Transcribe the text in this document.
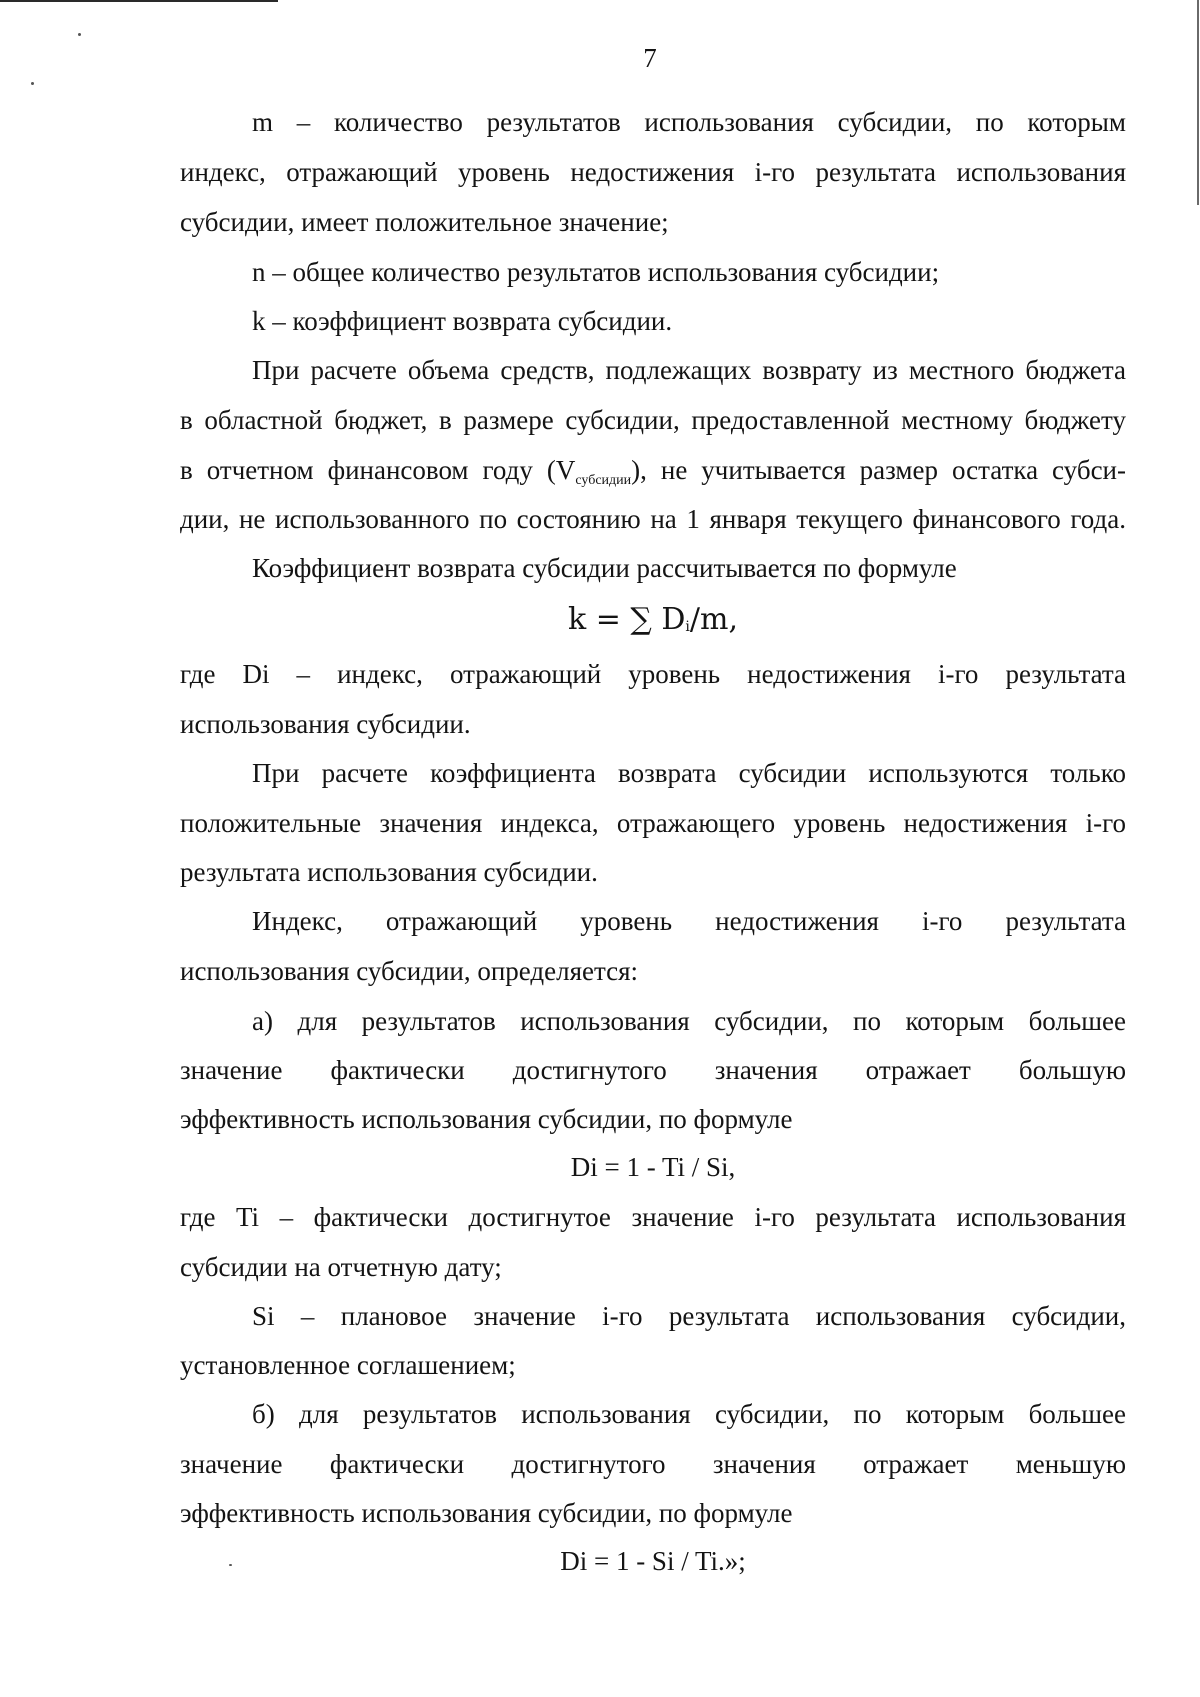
7
m – количество результатов использования субсидии, по которым
индекс, отражающий уровень недостижения i-го результата использования
субсидии, имеет положительное значение;
n – общее количество результатов использования субсидии;
k – коэффициент возврата субсидии.
При расчете объема средств, подлежащих возврату из местного бюджета
в областной бюджет, в размере субсидии, предоставленной местному бюджету
в отчетном финансовом году $(V_{субсидии})$, не учитывается размер остатка субси-
дии, не использованного по состоянию на 1 января текущего финансового года.
Коэффициент возврата субсидии рассчитывается по формуле
k = ∑ Di/m,
где Di – индекс, отражающий уровень недостижения i-го результата
использования субсидии.
При расчете коэффициента возврата субсидии используются только
положительные значения индекса, отражающего уровень недостижения i-го
результата использования субсидии.
Индекс, отражающий уровень недостижения i-го результата
использования субсидии, определяется:
а) для результатов использования субсидии, по которым большее
значение фактически достигнутого значения отражает большую
эффективность использования субсидии, по формуле
Di = 1 - Ti / Si,
где Ti – фактически достигнутое значение i-го результата использования
субсидии на отчетную дату;
Si – плановое значение i-го результата использования субсидии,
установленное соглашением;
б) для результатов использования субсидии, по которым большее
значение фактически достигнутого значения отражает меньшую
эффективность использования субсидии, по формуле
Di = 1 - Si / Ti.»;
